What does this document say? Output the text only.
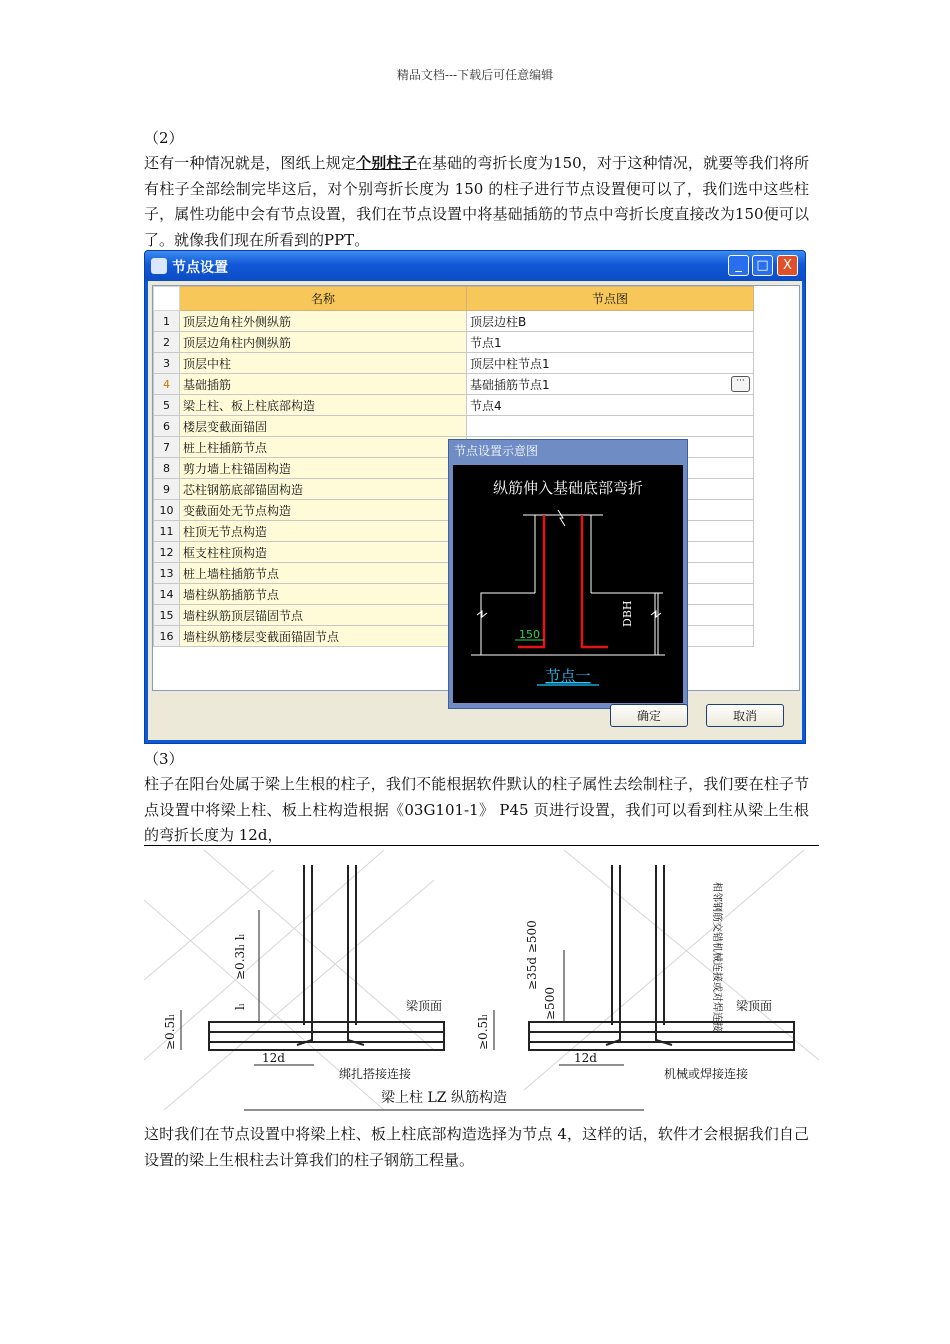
精品文档---下载后可任意编辑
（2）
还有一种情况就是，图纸上规定个别柱子在基础的弯折长度为150，对于这种情况，就要等我们将所有柱子全部绘制完毕这后，对个别弯折长度为 150 的柱子进行节点设置便可以了，我们选中这些柱子，属性功能中会有节点设置，我们在节点设置中将基础插筋的节点中弯折长度直接改为150便可以了。就像我们现在所看到的PPT。
节点设置	_	□	X
	名称	节点图
1	顶层边角柱外侧纵筋	顶层边柱B
2	顶层边角柱内侧纵筋	节点1
3	顶层中柱	顶层中柱节点1
4	基础插筋	基础插筋节点1 ···

5	梁上柱、板上柱底部构造	节点4
6	楼层变截面锚固	
7	桩上柱插筋节点	
8	剪力墙上柱锚固构造	
9	芯柱钢筋底部锚固构造	
10	变截面处无节点构造	
11	柱顶无节点构造	
12	框支柱柱顶构造	
13	桩上墙柱插筋节点	
14	墙柱纵筋插筋节点	
15	墙柱纵筋顶层锚固节点	
16	墙柱纵筋楼层变截面锚固节点	
节点设置示意图
纵筋伸入基础底部弯折
150
DBH
节点一
确定	取消
（3）
柱子在阳台处属于梁上生根的柱子，我们不能根据软件默认的柱子属性去绘制柱子，我们要在柱子节点设置中将梁上柱、板上柱构造根据《03G101-1》 P45 页进行设置，我们可以看到柱从梁上生根的弯折长度为 12d，
≥0.3lₗ lₗ
lₗ
≥0.5lₗ
梁顶面
12d
绑扎搭接连接
≥35d ≥500
≥500
≥0.5lₗ
梁顶面
12d
机械或焊接连接
相邻钢筋交错机械连接或对焊连接
梁上柱 LZ 纵筋构造
这时我们在节点设置中将梁上柱、板上柱底部构造选择为节点 4，这样的话，软件才会根据我们自己设置的梁上生根柱去计算我们的柱子钢筋工程量。
